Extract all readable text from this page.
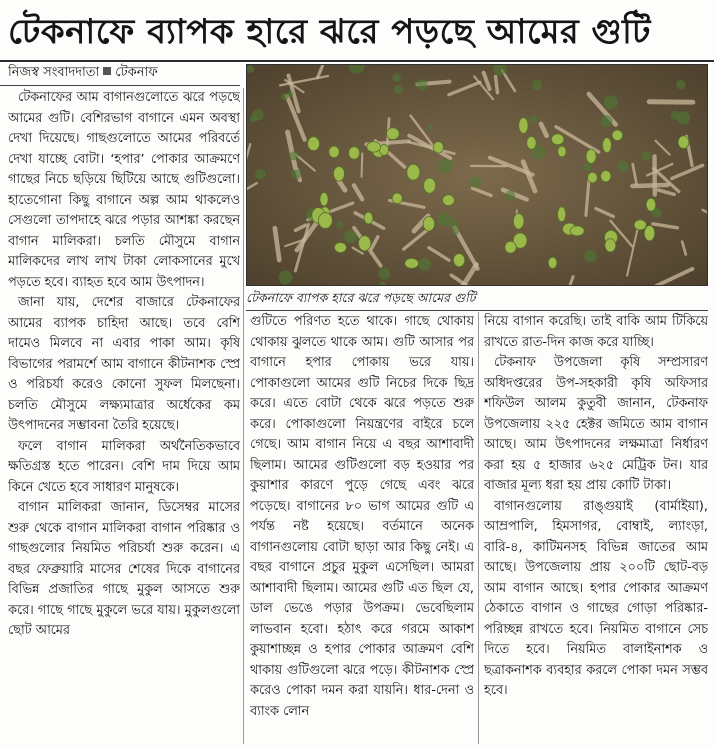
টেকনাফে ব্যাপক হারে ঝরে পড়ছে আমের গুটি
নিজস্ব সংবাদদাতা টেকনাফ
টেকনাফে ব্যাপক হারে ঝরে পড়ছে আমের গুটি

টেকনাফের আম বাগানগুলোতে ঝরে পড়ছে আমের গুটি। বেশিরভাগ বাগানে এমন অবস্থা দেখা দিয়েছে। গাছগুলোতে আমের পরিবর্তে দেখা যাচ্ছে বোটা। ‘হপার’ পোকার আক্রমণে গাছের নিচে ছড়িয়ে ছিটিয়ে আছে গুটিগুলো। হাতেগোনা কিছু বাগানে অল্প আম থাকলেও সেগুলো তাপদাহে ঝরে পড়ার আশঙ্কা করছেন বাগান মালিকরা। চলতি মৌসুমে বাগান মালিকদের লাখ লাখ টাকা লোকসানের মুখে পড়তে হবে। ব্যাহত হবে আম উৎপাদন।

জানা যায়, দেশের বাজারে টেকনাফের আমের ব্যাপক চাহিদা আছে। তবে বেশি দামেও মিলবে না এবার পাকা আম। কৃষি বিভাগের পরামর্শে আম বাগানে কীটনাশক স্প্রে ও পরিচর্যা করেও কোনো সুফল মিলছেনা। চলতি মৌসুমে লক্ষ্যমাত্রার অর্ধেকের কম উৎপাদনের সম্ভাবনা তৈরি হয়েছে।

ফলে বাগান মালিকরা অর্থনৈতিকভাবে ক্ষতিগ্রস্ত হতে পারেন। বেশি দাম দিয়ে আম কিনে খেতে হবে সাধারণ মানুষকে।

বাগান মালিকরা জানান, ডিসেম্বর মাসের শুরু থেকে বাগান মালিকরা বাগান পরিষ্কার ও গাছগুলোর নিয়মিত পরিচর্যা শুরু করেন। এ বছর ফেব্রুয়ারি মাসের শেষের দিকে বাগানের বিভিন্ন প্রজাতির গাছে মুকুল আসতে শুরু করে। গাছে গাছে মুকুলে ভরে যায়। মুকুলগুলো ছোট আমের

গুটিতে পরিণত হতে থাকে। গাছে থোকায় থোকায় ঝুলতে থাকে আম। গুটি আসার পর বাগানে হপার পোকায় ভরে যায়। পোকাগুলো আমের গুটি নিচের দিকে ছিদ্র করে। এতে বোটা থেকে ঝরে পড়তে শুরু করে। পোকাগুলো নিয়ন্ত্রণের বাইরে চলে গেছে। আম বাগান নিয়ে এ বছর আশাবাদী ছিলাম। আমের গুটিগুলো বড় হওয়ার পর কুয়াশার কারণে পুড়ে গেছে এবং ঝরে পড়েছে। বাগানের ৮০ ভাগ আমের গুটি এ পর্যন্ত নষ্ট হয়েছে। বর্তমানে অনেক বাগানগুলোয় বোটা ছাড়া আর কিছু নেই। এ বছর বাগানে প্রচুর মুকুল এসেছিল। আমরা আশাবাদী ছিলাম। আমের গুটি এত ছিল যে, ডাল ভেঙে পড়ার উপক্রম। ভেবেছিলাম লাভবান হবো। হঠাৎ করে গরমে আকাশ কুয়াশাচ্ছন্ন ও হপার পোকার আক্রমণ বেশি থাকায় গুটিগুলো ঝরে পড়ে। কীটনাশক স্প্রে করেও পোকা দমন করা যায়নি। ধার-দেনা ও ব্যাংক লোন

নিয়ে বাগান করেছি। তাই বাকি আম টিকিয়ে রাখতে রাত-দিন কাজ করে যাচ্ছি।

টেকনাফ উপজেলা কৃষি সম্প্রসারণ অধিদপ্তরের উপ-সহকারী কৃষি অফিসার শফিউল আলম কুতুবী জানান, টেকনাফ উপজেলায় ২২৫ হেক্টর জমিতে আম বাগান আছে। আম উৎপাদনের লক্ষমাত্রা নির্ধারণ করা হয় ৫ হাজার ৬২৫ মেট্রিক টন। যার বাজার মূল্য ধরা হয় প্রায় কোটি টাকা।

বাগানগুলোয় রাঙ্গুয়াই (বার্মাইয়া), আম্রপালি, হিমসাগর, বোম্বাই, ল্যাংড়া, বারি-৪, কাটিমনসহ বিভিন্ন জাতের আম আছে। উপজেলায় প্রায় ২০০টি ছোট-বড় আম বাগান আছে। হপার পোকার আক্রমণ ঠেকাতে বাগান ও গাছের গোড়া পরিষ্কার-পরিচ্ছন্ন রাখতে হবে। নিয়মিত বাগানে সেচ দিতে হবে। নিয়মিত বালাইনাশক ও ছত্রাকনাশক ব্যবহার করলে পোকা দমন সম্ভব হবে।
